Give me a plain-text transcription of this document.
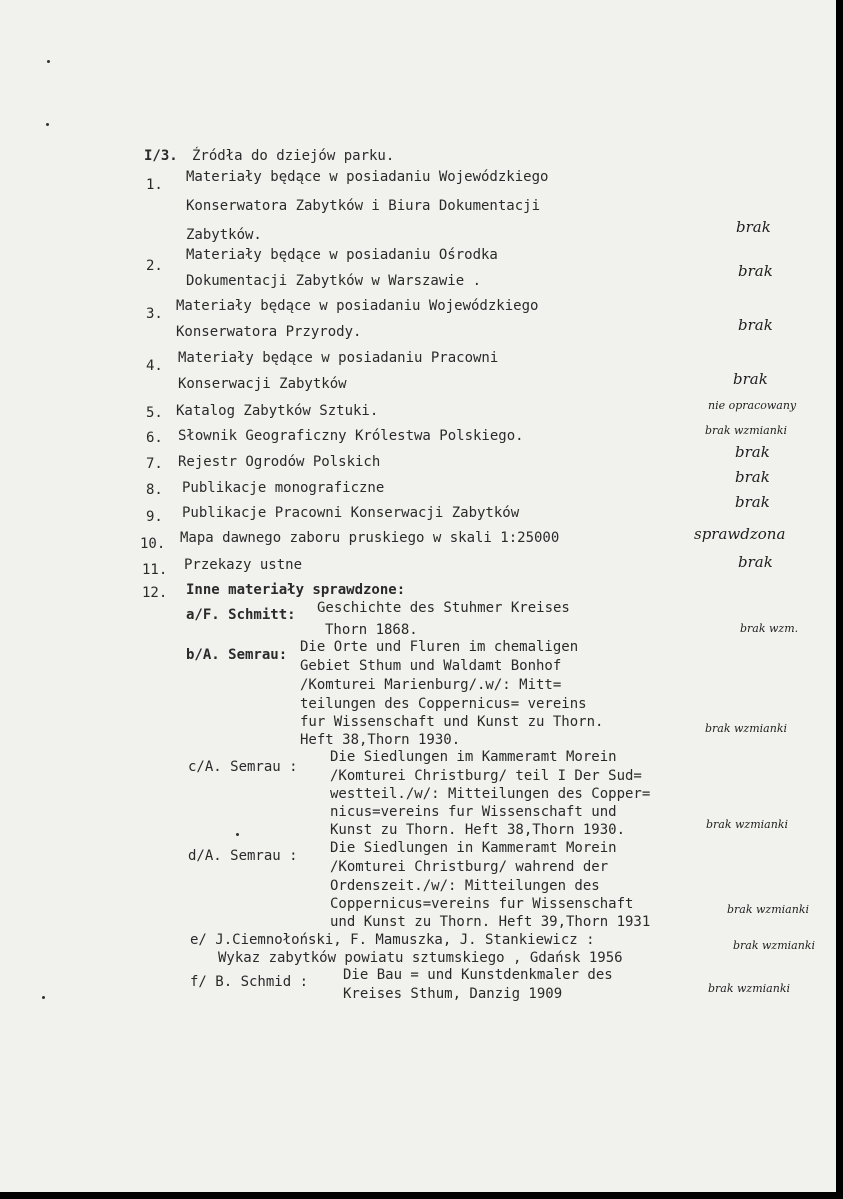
I/3. Źródła do dziejów parku.
1. Materiały będące w posiadaniu Wojewódzkiego
Konserwatora Zabytków i Biura Dokumentacji
Zabytków.
2.
Materiały będące w posiadaniu Ośrodka
Dokumentacji Zabytków w Warszawie .
3. Materiały będące w posiadaniu Wojewódzkiego
Konserwatora Przyrody.
4. Materiały będące w posiadaniu Pracowni
Konserwacji Zabytków
5. Katalog Zabytków Sztuki.
6. Słownik Geograficzny Królestwa Polskiego.
7. Rejestr Ogrodów Polskich
8. Publikacje monograficzne
9. Publikacje Pracowni Konserwacji Zabytków
10. Mapa dawnego zaboru pruskiego w skali 1:25000
11. Przekazy ustne
12. Inne materiały sprawdzone:
a/F. Schmitt: Geschichte des Stuhmer Kreises
Thorn 1868.
b/A. Semrau: Die Orte und Fluren im chemaligen
Gebiet Sthum und Waldamt Bonhof
/Komturei Marienburg/.w/: Mitt=
teilungen des Coppernicus= vereins
fur Wissenschaft und Kunst zu Thorn.
Heft 38,Thorn 1930.
c/A. Semrau :
Die Siedlungen im Kammeramt Morein
/Komturei Christburg/ teil I Der Sud=
westteil./w/: Mitteilungen des Copper=
nicus=vereins fur Wissenschaft und
Kunst zu Thorn. Heft 38,Thorn 1930.
d/A. Semrau : Die Siedlungen in Kammeramt Morein
/Komturei Christburg/ wahrend der
Ordenszeit./w/: Mitteilungen des
Coppernicus=vereins fur Wissenschaft
und Kunst zu Thorn. Heft 39,Thorn 1931
e/ J.Ciemnołoński, F. Mamuszka, J. Stankiewicz :
Wykaz zabytków powiatu sztumskiego , Gdańsk 1956
f/ B. Schmid : Die Bau = und Kunstdenkmaler des
Kreises Sthum, Danzig 1909
brak
brak
brak
brak
nie opracowany
brak wzmianki
brak
brak
brak
sprawdzona
brak
brak wzm.
brak wzmianki
brak wzmianki
brak wzmianki
brak wzmianki
brak wzmianki
